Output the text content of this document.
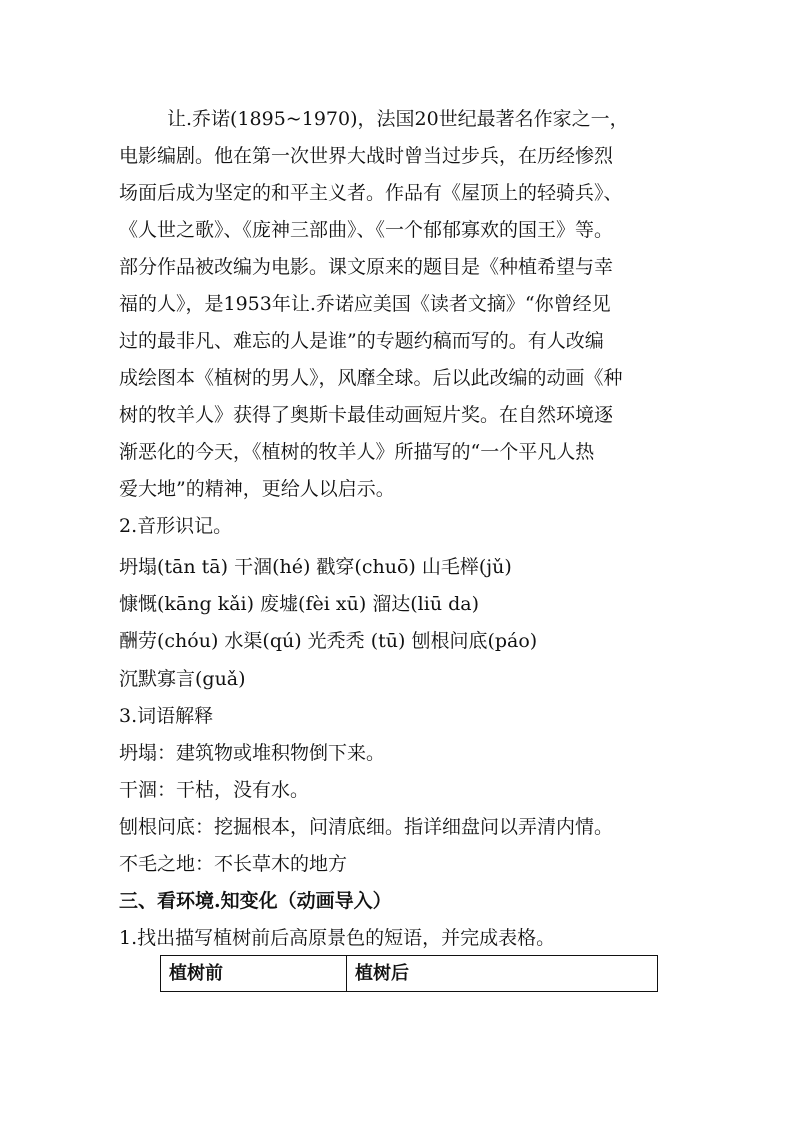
让.乔诺(1895~1970)，法国20世纪最著名作家之一，
电影编剧。他在第一次世界大战时曾当过步兵，在历经惨烈
场面后成为坚定的和平主义者。作品有《屋顶上的轻骑兵》、
《人世之歌》、《庞神三部曲》、《一个郁郁寡欢的国王》等。
部分作品被改编为电影。课文原来的题目是《种植希望与幸
福的人》，是1953年让.乔诺应美国《读者文摘》“你曾经见
过的最非凡、难忘的人是谁”的专题约稿而写的。有人改编
成绘图本《植树的男人》，风靡全球。后以此改编的动画《种
树的牧羊人》获得了奥斯卡最佳动画短片奖。在自然环境逐
渐恶化的今天，《植树的牧羊人》所描写的“一个平凡人热
爱大地”的精神，更给人以启示。
2.音形识记。
坍塌(tān tā) 干涸(hé) 戳穿(chuō) 山毛榉(jǔ)
慷慨(kāng kǎi) 废墟(fèi xū) 溜达(liū da)
酬劳(chóu) 水渠(qú) 光秃秃 (tū) 刨根问底(páo)
沉默寡言(guǎ)
3.词语解释
坍塌：建筑物或堆积物倒下来。
干涸：干枯，没有水。
刨根问底：挖掘根本，问清底细。指详细盘问以弄清内情。
不毛之地：不长草木的地方
三、看环境.知变化（动画导入）
1.找出描写植树前后高原景色的短语，并完成表格。
植树前	植树后
